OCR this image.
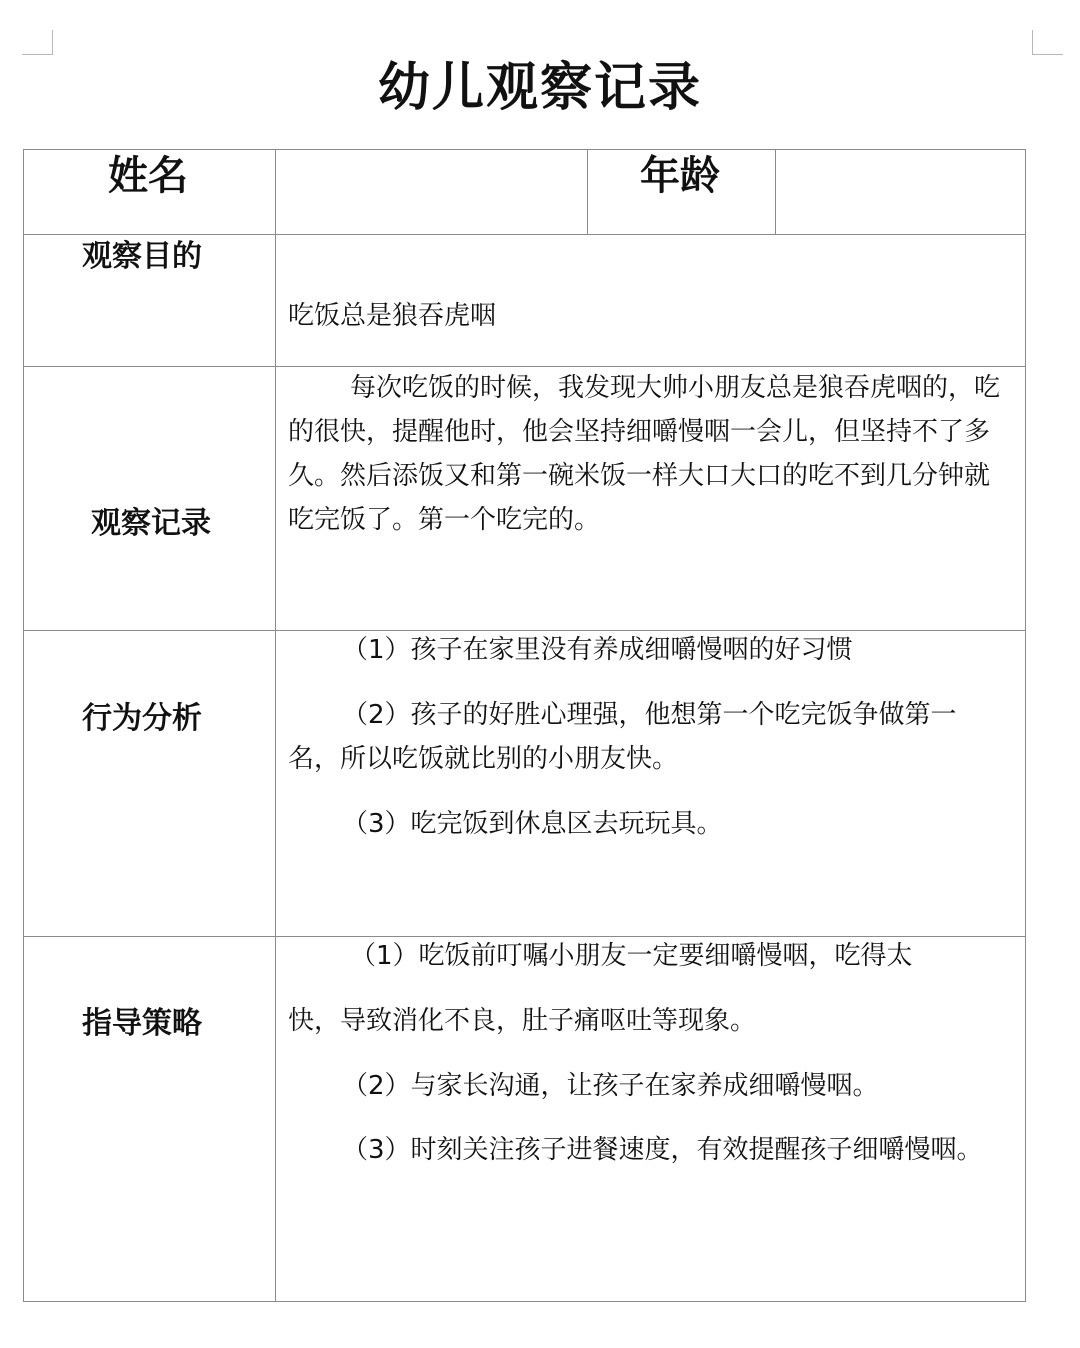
幼儿观察记录
姓名	年龄
观察目的
观察记录
行为分析
指导策略

吃饭总是狼吞虎咽

每次吃饭的时候，我发现大帅小朋友总是狼吞虎咽的，吃的很快，提醒他时，他会坚持细嚼慢咽一会儿，但坚持不了多久。然后添饭又和第一碗米饭一样大口大口的吃不到几分钟就吃完饭了。第一个吃完的。

（1）孩子在家里没有养成细嚼慢咽的好习惯

（2）孩子的好胜心理强，他想第一个吃完饭争做第一名，所以吃饭就比别的小朋友快。

（3）吃完饭到休息区去玩玩具。

（1）吃饭前叮嘱小朋友一定要细嚼慢咽，吃得太

快，导致消化不良，肚子痛呕吐等现象。

（2）与家长沟通，让孩子在家养成细嚼慢咽。

（3）时刻关注孩子进餐速度，有效提醒孩子细嚼慢咽。
